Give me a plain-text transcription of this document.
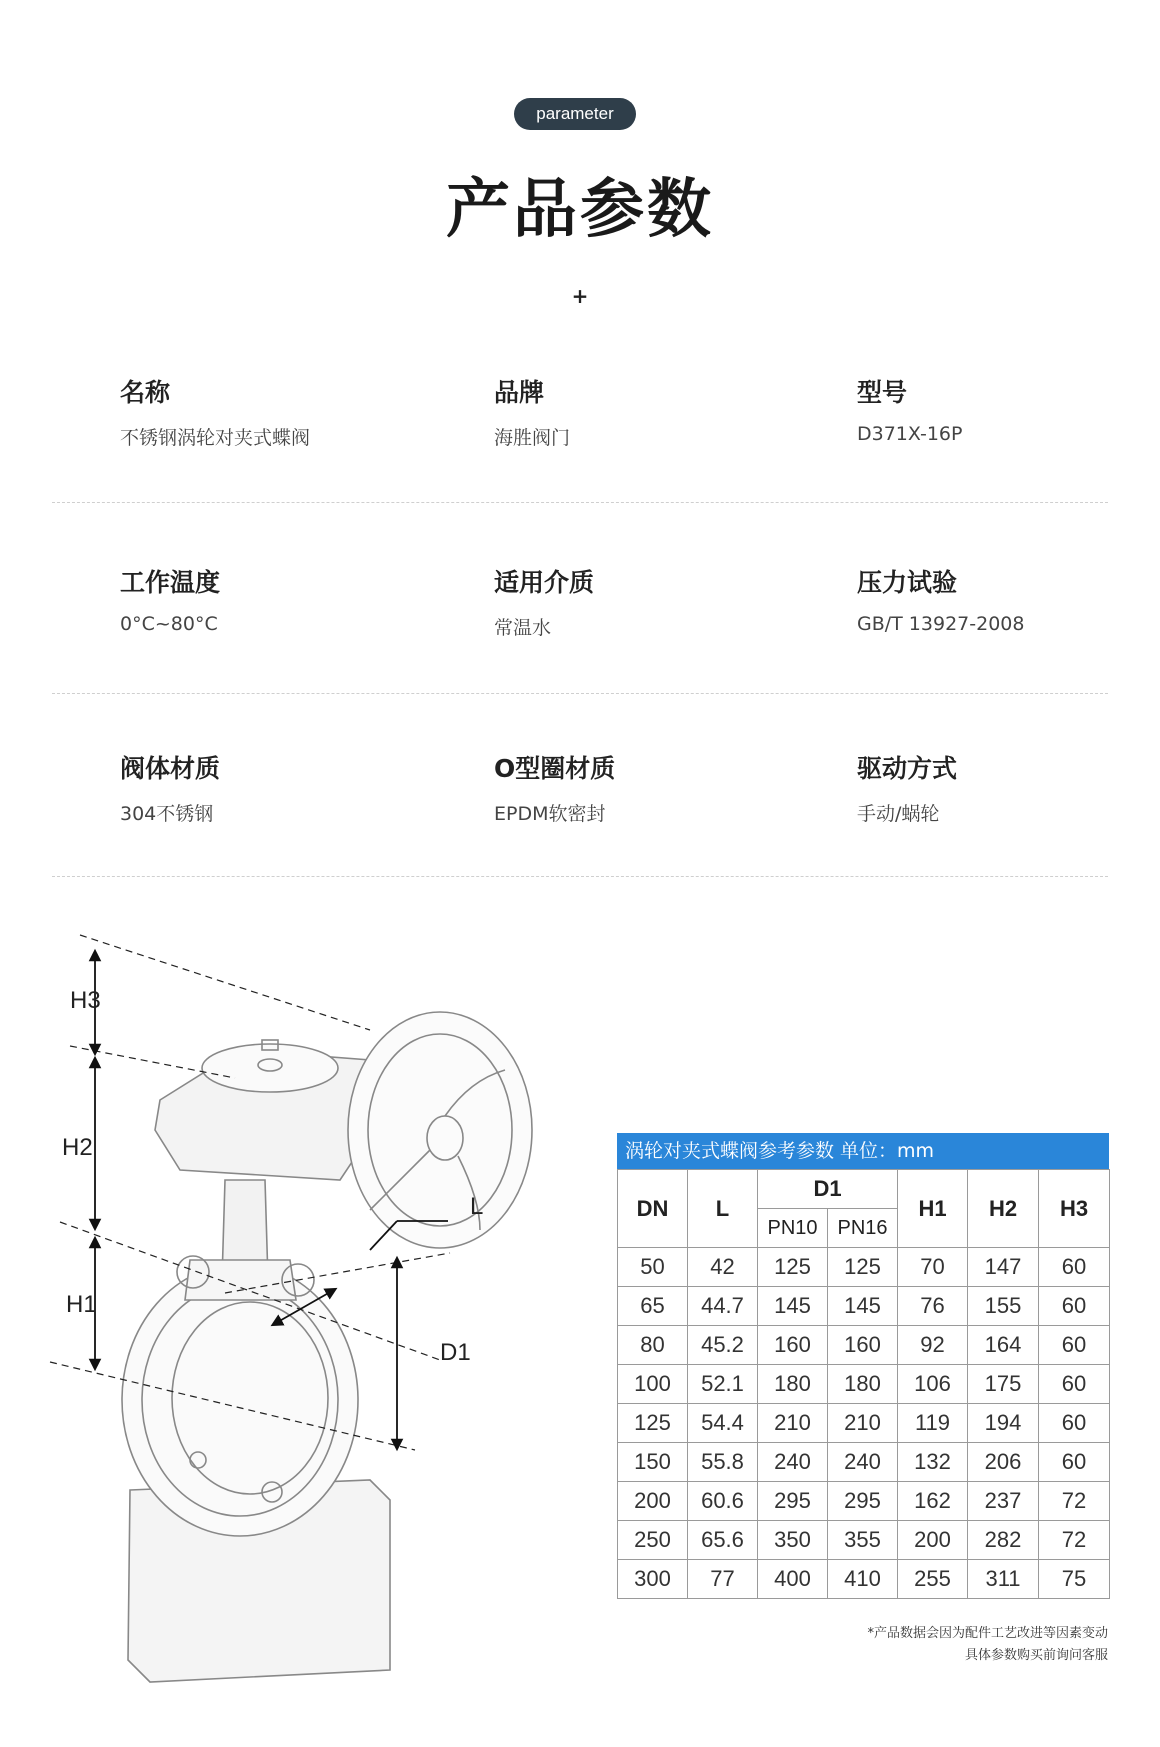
parameter
产品参数
+
名称
不锈钢涡轮对夹式蝶阀
品牌
海胜阀门
型号
D371X-16P
工作温度
0°C~80°C
适用介质
常温水
压力试验
GB/T 13927-2008
阀体材质
304不锈钢
O型圈材质
EPDM软密封
驱动方式
手动/蜗轮
H3
H2
H1
L
D1
涡轮对夹式蝶阀参考参数 单位：mm
DN	L	D1		H1	H2	H3
		PN10	PN16			
50	42	125	125	70	147	60
65	44.7	145	145	76	155	60
80	45.2	160	160	92	164	60
100	52.1	180	180	106	175	60
125	54.4	210	210	119	194	60
150	55.8	240	240	132	206	60
200	60.6	295	295	162	237	72
250	65.6	350	355	200	282	72
300	77	400	410	255	311	75
*产品数据会因为配件工艺改进等因素变动
具体参数购买前询问客服
